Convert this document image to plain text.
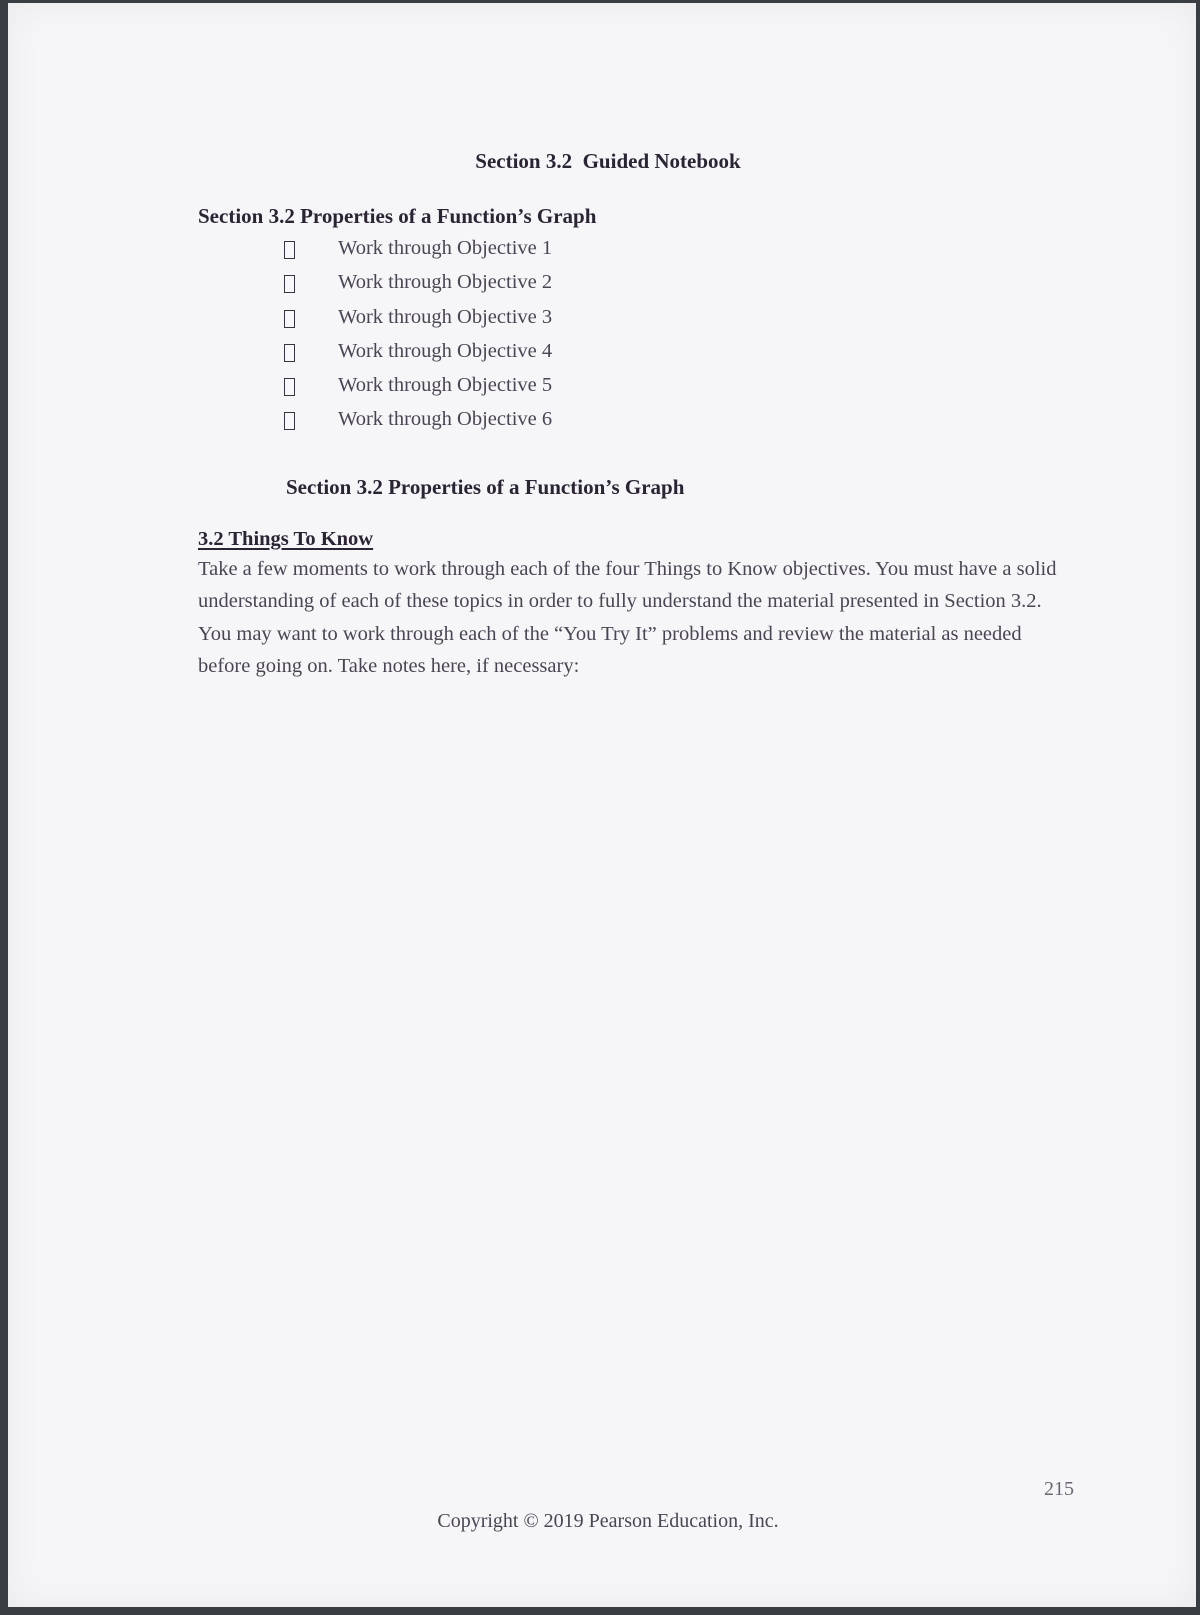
Section 3.2  Guided Notebook
Section 3.2 Properties of a Function’s Graph
Work through Objective 1
Work through Objective 2
Work through Objective 3
Work through Objective 4
Work through Objective 5
Work through Objective 6
Section 3.2 Properties of a Function’s Graph
3.2 Things To Know
Take a few moments to work through each of the four Things to Know objectives. You must have a solid understanding of each of these topics in order to fully understand the material presented in Section 3.2. You may want to work through each of the “You Try It” problems and review the material as needed before going on. Take notes here, if necessary:
215
Copyright © 2019 Pearson Education, Inc.
